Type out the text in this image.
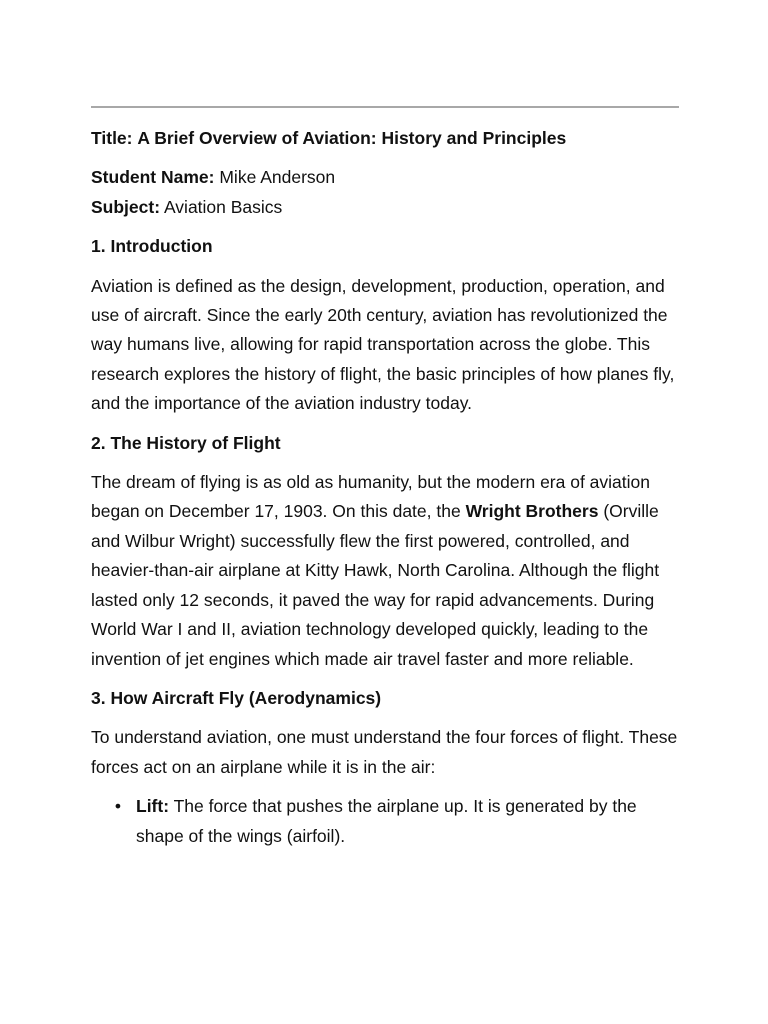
Title: A Brief Overview of Aviation: History and Principles

Student Name: Mike Anderson

Subject: Aviation Basics

1. Introduction

Aviation is defined as the design, development, production, operation, and use of aircraft. Since the early 20th century, aviation has revolutionized the way humans live, allowing for rapid transportation across the globe. This research explores the history of flight, the basic principles of how planes fly, and the importance of the aviation industry today.

2. The History of Flight

The dream of flying is as old as humanity, but the modern era of aviation began on December 17, 1903. On this date, the Wright Brothers (Orville and Wilbur Wright) successfully flew the first powered, controlled, and heavier-than-air airplane at Kitty Hawk, North Carolina. Although the flight lasted only 12 seconds, it paved the way for rapid advancements. During World War I and II, aviation technology developed quickly, leading to the invention of jet engines which made air travel faster and more reliable.

3. How Aircraft Fly (Aerodynamics)

To understand aviation, one must understand the four forces of flight. These forces act on an airplane while it is in the air:

• Lift: The force that pushes the airplane up. It is generated by the shape of the wings (airfoil).
